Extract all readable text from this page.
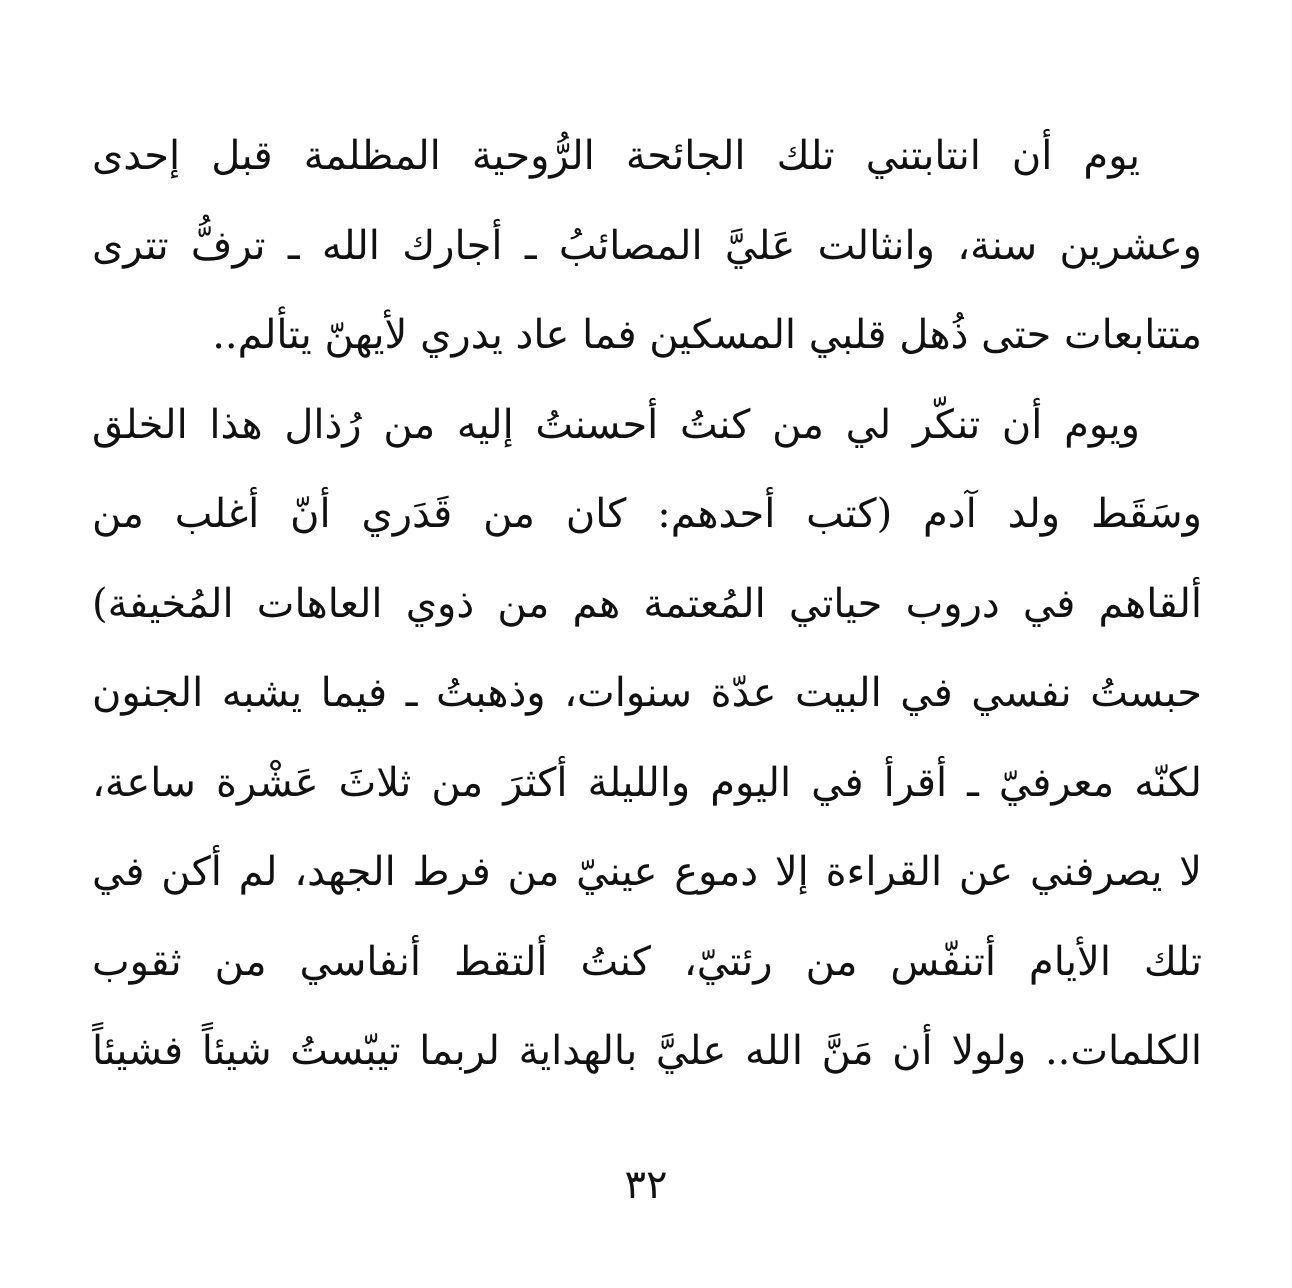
يوم أن انتابتني تلك الجائحة الرُّوحية المظلمة قبل إحدى
وعشرين سنة، وانثالت عَليَّ المصائبُ ـ أجارك الله ـ ترفُّ تترى
متتابعات حتى ذُهل قلبي المسكين فما عاد يدري لأيهنّ يتألم..
ويوم أن تنكّر لي من كنتُ أحسنتُ إليه من رُذال هذا الخلق
وسَقَط ولد آدم (كتب أحدهم: كان من قَدَري أنّ أغلب من
ألقاهم في دروب حياتي المُعتمة هم من ذوي العاهات المُخيفة)
حبستُ نفسي في البيت عدّة سنوات، وذهبتُ ـ فيما يشبه الجنون
لكنّه معرفيّ ـ أقرأ في اليوم والليلة أكثرَ من ثلاثَ عَشْرة ساعة،
لا يصرفني عن القراءة إلا دموع عينيّ من فرط الجهد، لم أكن في
تلك الأيام أتنفّس من رئتيّ، كنتُ ألتقط أنفاسي من ثقوب
الكلمات.. ولولا أن مَنَّ الله عليَّ بالهداية لربما تيبّستُ شيئاً فشيئاً
٣٢
